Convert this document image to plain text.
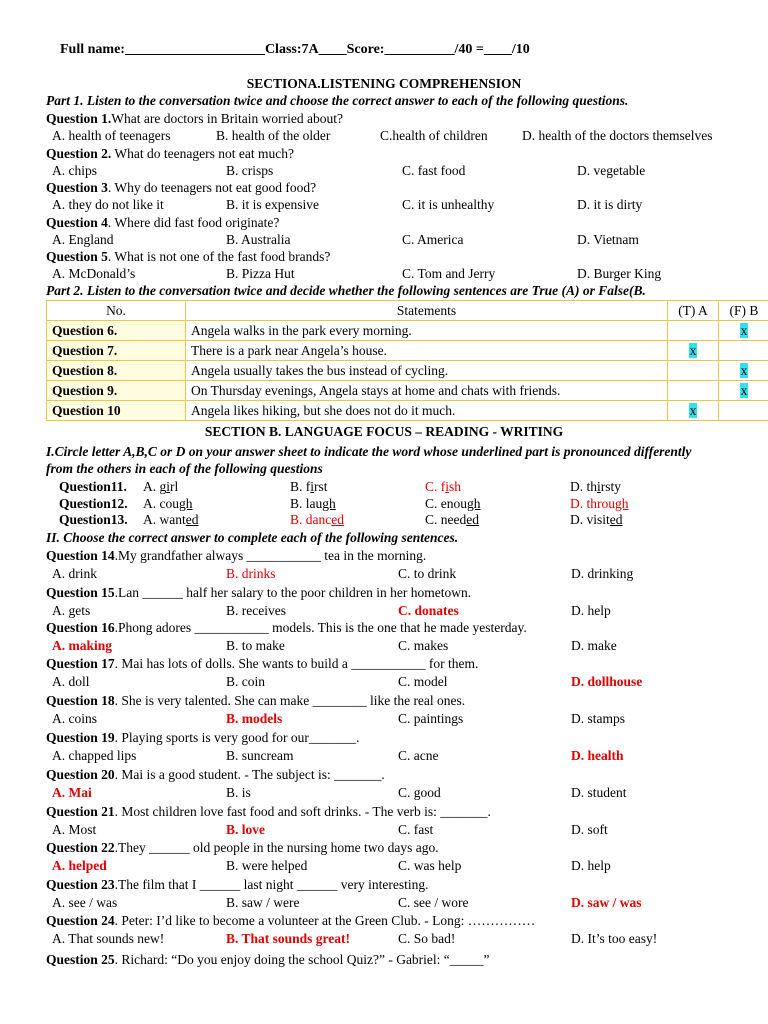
Full name:____________________Class:7A____Score:__________/40 =____/10
SECTIONA.LISTENING COMPREHENSION
Part 1. Listen to the conversation twice and choose the correct answer to each of the following questions.
Question 1.What are doctors in Britain worried about?
A. health of teenagers	B. health of the older	C.health of children	D. health of the doctors themselves
Question 2. What do teenagers not eat much?
A. chips	B. crisps	C. fast food	D. vegetable
Question 3. Why do teenagers not eat good food?
A. they do not like it	B. it is expensive	C. it is unhealthy	D. it is dirty
Question 4. Where did fast food originate?
A. England	B. Australia	C. America	D. Vietnam
Question 5. What is not one of the fast food brands?
A. McDonald’s	B. Pizza Hut	C. Tom and Jerry	D. Burger King
Part 2. Listen to the conversation twice and decide whether the following sentences are True (A) or False(B.
No.	Statements	(T) A	(F) B
Question 6.	Angela walks in the park every morning.		x
Question 7.	There is a park near Angela’s house.	x	
Question 8.	Angela usually takes the bus instead of cycling.		x
Question 9.	On Thursday evenings, Angela stays at home and chats with friends.		x
Question 10	Angela likes hiking, but she does not do it much.	x	
SECTION B. LANGUAGE FOCUS – READING - WRITING
I.Circle letter A,B,C or D on your answer sheet to indicate the word whose underlined part is pronounced differently
from the others in each of the following questions
Question11. A. girl	B. first	C. fish	D. thirsty
Question12. A. cough	B. laugh	C. enough	D. through
Question13. A. wanted	B. danced	C. needed	D. visited
II. Choose the correct answer to complete each of the following sentences.
Question 14.My grandfather always ___________ tea in the morning.
A. drink	B. drinks	C. to drink	D. drinking
Question 15.Lan ______ half her salary to the poor children in her hometown.
A. gets	B. receives	C. donates	D. help
Question 16.Phong adores ___________ models. This is the one that he made yesterday.
A. making	B. to make	C. makes	D. make
Question 17. Mai has lots of dolls. She wants to build a ___________ for them.
A. doll	B. coin	C. model	D. dollhouse
Question 18. She is very talented. She can make ________ like the real ones.
A. coins	B. models	C. paintings	D. stamps
Question 19. Playing sports is very good for our_______.
A. chapped lips	B. suncream	C. acne	D. health
Question 20. Mai is a good student. - The subject is: _______.
A. Mai	B. is	C. good	D. student
Question 21. Most children love fast food and soft drinks. - The verb is: _______.
A. Most	B. love	C. fast	D. soft
Question 22.They ______ old people in the nursing home two days ago.
A. helped	B. were helped	C. was help	D. help
Question 23.The film that I ______ last night ______ very interesting.
A. see / was	B. saw / were	C. see / wore	D. saw / was
Question 24. Peter: I’d like to become a volunteer at the Green Club. - Long: ……………
A. That sounds new!	B. That sounds great!	C. So bad!	D. It’s too easy!
Question 25. Richard: “Do you enjoy doing the school Quiz?” - Gabriel: “_____”
